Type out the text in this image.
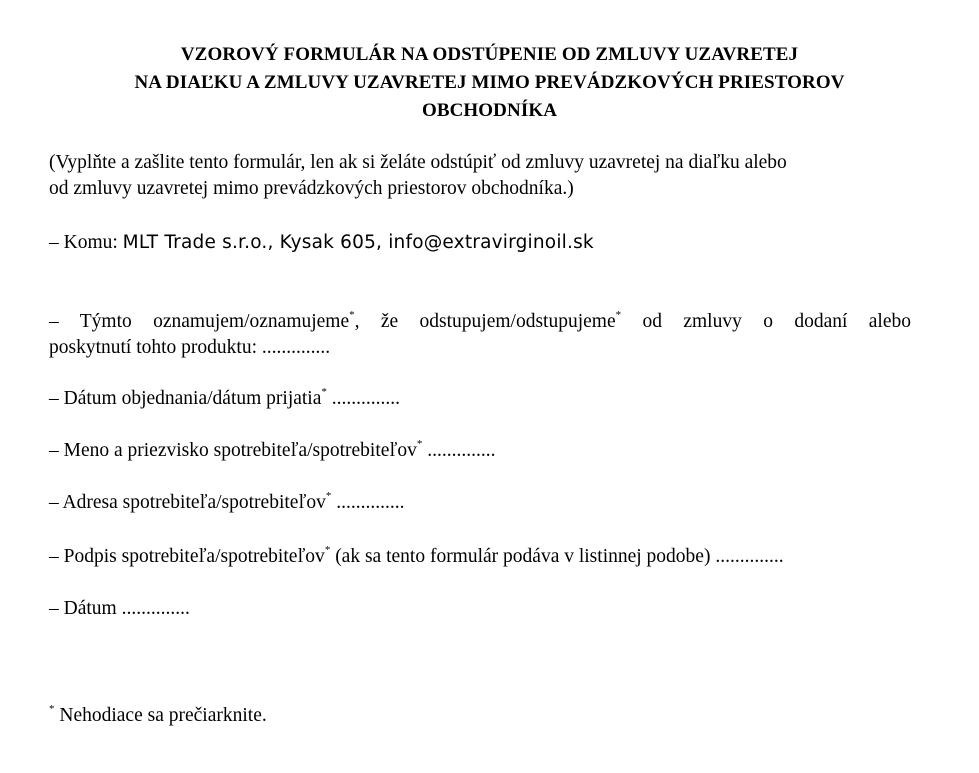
VZOROVÝ FORMULÁR NA ODSTÚPENIE OD ZMLUVY UZAVRETEJ
NA DIAĽKU A ZMLUVY UZAVRETEJ MIMO PREVÁDZKOVÝCH PRIESTOROV
OBCHODNÍKA
(Vyplňte a zašlite tento formulár, len ak si želáte odstúpiť od zmluvy uzavretej na diaľku alebo
od zmluvy uzavretej mimo prevádzkových priestorov obchodníka.)
– Komu: MLT Trade s.r.o., Kysak 605, info@extravirginoil.sk
– Týmto oznamujem/oznamujeme*, že odstupujem/odstupujeme* od zmluvy o dodaní alebo
poskytnutí tohto produktu: ..............
– Dátum objednania/dátum prijatia* ..............
– Meno a priezvisko spotrebiteľa/spotrebiteľov* ..............
– Adresa spotrebiteľa/spotrebiteľov* ..............
– Podpis spotrebiteľa/spotrebiteľov* (ak sa tento formulár podáva v listinnej podobe) ..............
– Dátum ..............
* Nehodiace sa prečiarknite.
